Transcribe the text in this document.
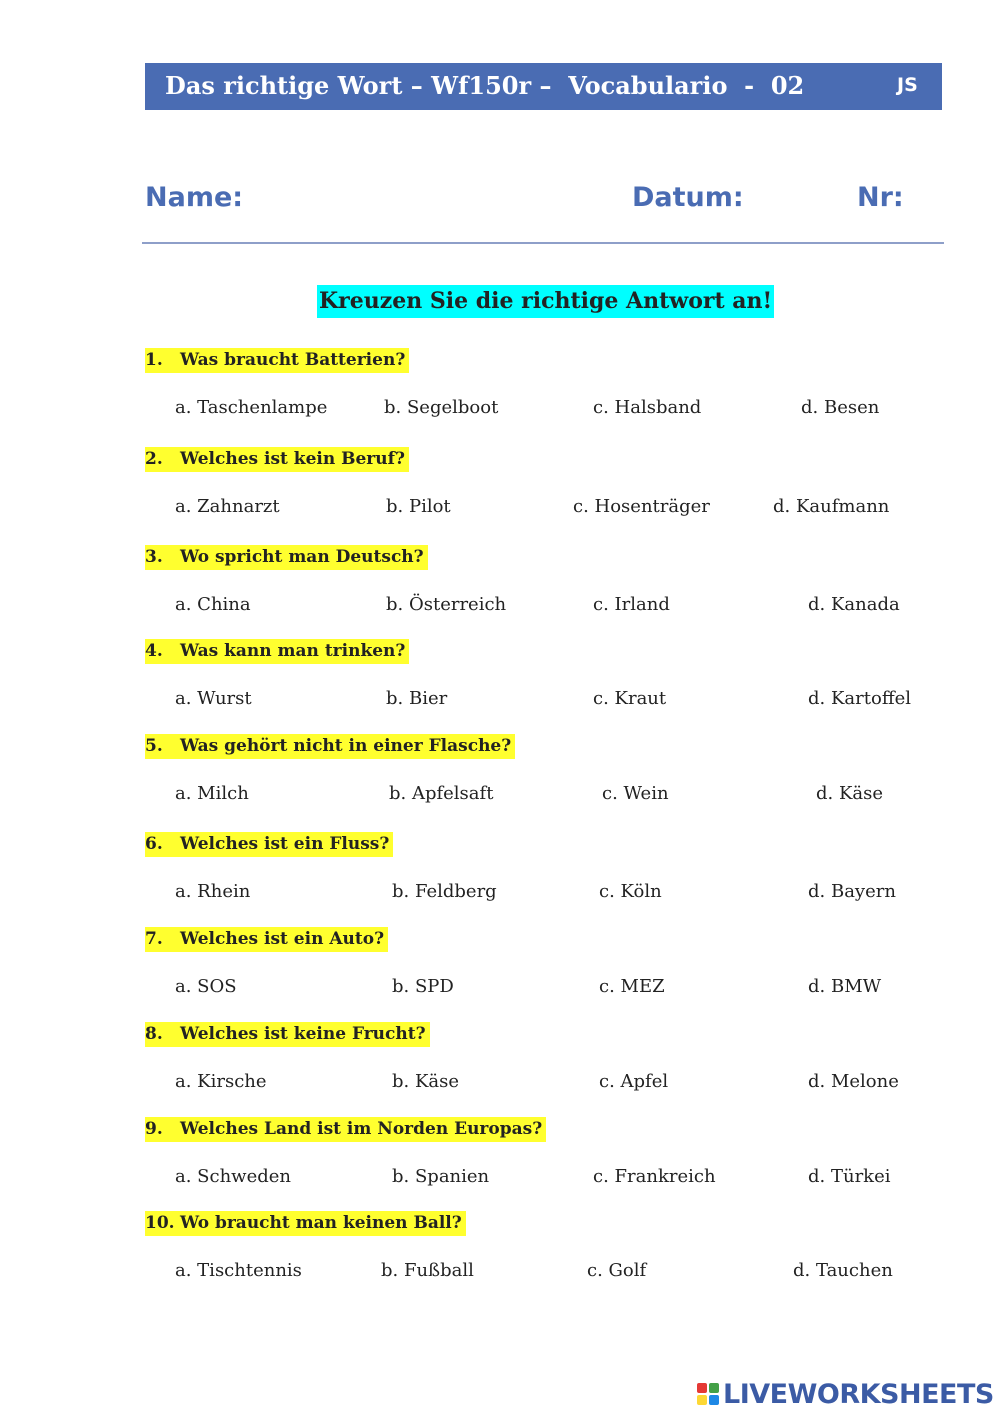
Das richtige Wort – Wf150r –  Vocabulario  -  02	JS
Name:	Datum:	Nr:
Kreuzen Sie die richtige Antwort an!
1. Was braucht Batterien?
a. Taschenlampe	b. Segelboot	c. Halsband	d. Besen
2. Welches ist kein Beruf?
a. Zahnarzt	b. Pilot	c. Hosenträger	d. Kaufmann
3. Wo spricht man Deutsch?
a. China	b. Österreich	c. Irland	d. Kanada
4. Was kann man trinken?
a. Wurst	b. Bier	c. Kraut	d. Kartoffel
5. Was gehört nicht in einer Flasche?
a. Milch	b. Apfelsaft	c. Wein	d. Käse
6. Welches ist ein Fluss?
a. Rhein	b. Feldberg	c. Köln	d. Bayern
7. Welches ist ein Auto?
a. SOS	b. SPD	c. MEZ	d. BMW
8. Welches ist keine Frucht?
a. Kirsche	b. Käse	c. Apfel	d. Melone
9. Welches Land ist im Norden Europas?
a. Schweden	b. Spanien	c. Frankreich	d. Türkei
10. Wo braucht man keinen Ball?
a. Tischtennis	b. Fußball	c. Golf	d. Tauchen
LIVEWORKSHEETS
